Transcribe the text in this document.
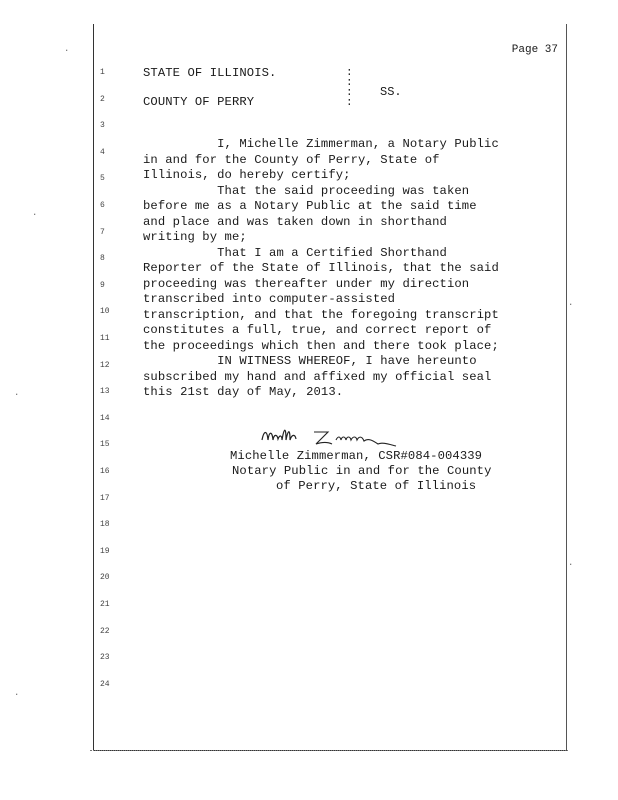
Page 37
1
2
3
4
5
6
7
8
9
10
11
12
13
14
15
16
17
18
19
20
21
22
23
24
STATE OF ILLINOIS.
COUNTY OF PERRY
:
:
:
:
SS.
I, Michelle Zimmerman, a Notary Public
in and for the County of Perry, State of
Illinois, do hereby certify;
That the said proceeding was taken
before me as a Notary Public at the said time
and place and was taken down in shorthand
writing by me;
That I am a Certified Shorthand
Reporter of the State of Illinois, that the said
proceeding was thereafter under my direction
transcribed into computer-assisted
transcription, and that the foregoing transcript
constitutes a full, true, and correct report of
the proceedings which then and there took place;
IN WITNESS WHEREOF, I have hereunto
subscribed my hand and affixed my official seal
this 21st day of May, 2013.
Michelle Zimmerman, CSR#084-004339
Notary Public in and for the County
of Perry, State of Illinois
·
·
·
·
·
·
